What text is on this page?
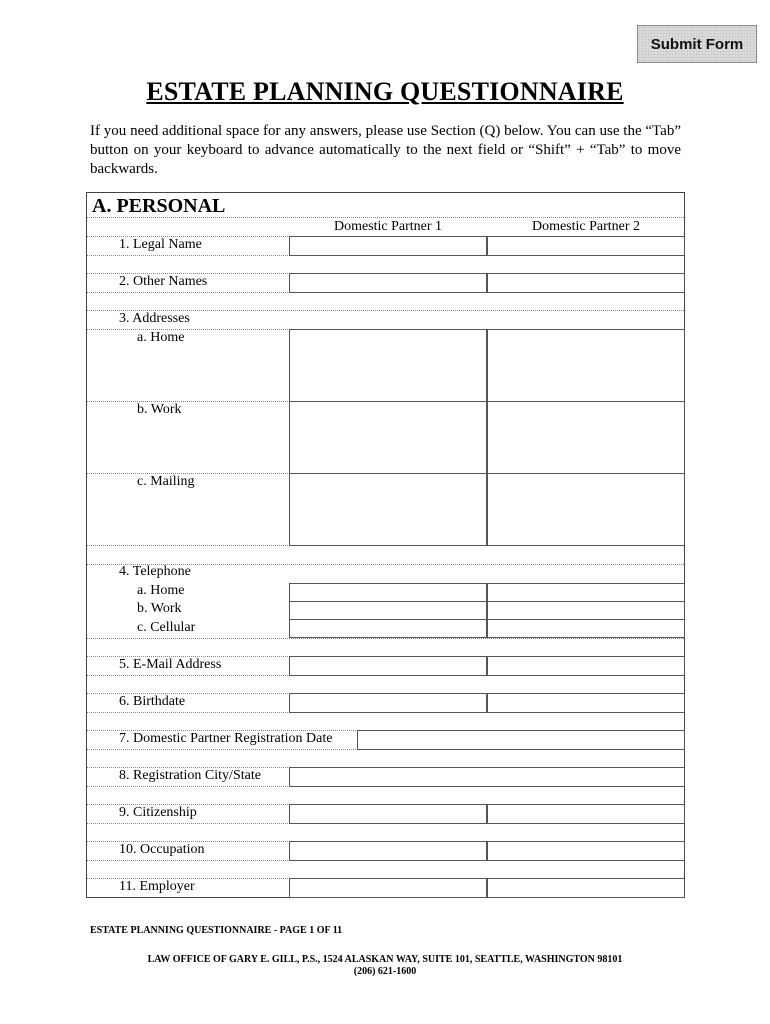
Submit Form
ESTATE PLANNING QUESTIONNAIRE
If you need additional space for any answers, please use Section (Q) below. You can use the “Tab” button on your keyboard to advance automatically to the next field or “Shift” + “Tab” to move backwards.
A. PERSONAL
Domestic Partner 1	Domestic Partner 2
1. Legal Name
2. Other Names
3. Addresses
a. Home
b. Work
c. Mailing
4. Telephone
a. Home
b. Work
c. Cellular
5. E-Mail Address
6. Birthdate
7. Domestic Partner Registration Date
8. Registration City/State
9. Citizenship
10. Occupation
11. Employer
ESTATE PLANNING QUESTIONNAIRE - PAGE 1 OF 11
LAW OFFICE OF GARY E. GILL, P.S., 1524 ALASKAN WAY, SUITE 101, SEATTLE, WASHINGTON 98101
(206) 621-1600
